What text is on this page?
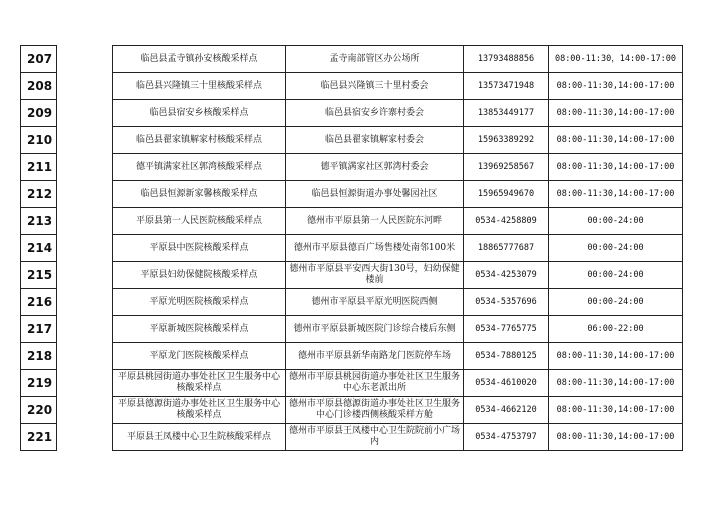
207		临邑县孟寺镇孙安核酸采样点	孟寺南部管区办公场所	13793488856	08:00-11:30，14:00-17:00
208		临邑县兴隆镇三十里核酸采样点	临邑县兴隆镇三十里村委会	13573471948	08:00-11:30,14:00-17:00
209		临邑县宿安乡核酸采样点	临邑县宿安乡许寨村委会	13853449177	08:00-11:30,14:00-17:00
210		临邑县翟家镇解家村核酸采样点	临邑县翟家镇解家村委会	15963389292	08:00-11:30,14:00-17:00
211		德平镇满家社区郭湾核酸采样点	德平镇满家社区郭湾村委会	13969258567	08:00-11:30,14:00-17:00
212		临邑县恒源新家馨核酸采样点	临邑县恒源街道办事处馨园社区	15965949670	08:00-11:30,14:00-17:00
213		平原县第一人民医院核酸采样点	德州市平原县第一人民医院东河畔	0534-4258809	00:00-24:00
214		平原县中医院核酸采样点	德州市平原县德百广场售楼处南邻100米	18865777687	00:00-24:00
215		平原县妇幼保健院核酸采样点	德州市平原县平安西大街130号，妇幼保健楼前	0534-4253079	00:00-24:00
216		平原光明医院核酸采样点	德州市平原县平原光明医院西侧	0534-5357696	00:00-24:00
217		平原新城医院核酸采样点	德州市平原县新城医院门诊综合楼后东侧	0534-7765775	06:00-22:00
218		平原龙门医院核酸采样点	德州市平原县新华南路龙门医院停车场	0534-7880125	08:00-11:30,14:00-17:00
219		平原县桃园街道办事处社区卫生服务中心核酸采样点	德州市平原县桃园街道办事处社区卫生服务中心东老派出所	0534-4610020	08:00-11:30,14:00-17:00
220		平原县德源街道办事处社区卫生服务中心核酸采样点	德州市平原县德源街道办事处社区卫生服务中心门诊楼西侧核酸采样方舱	0534-4662120	08:00-11:30,14:00-17:00
221		平原县王凤楼中心卫生院核酸采样点	德州市平原县王凤楼中心卫生院院前小广场内	0534-4753797	08:00-11:30,14:00-17:00
